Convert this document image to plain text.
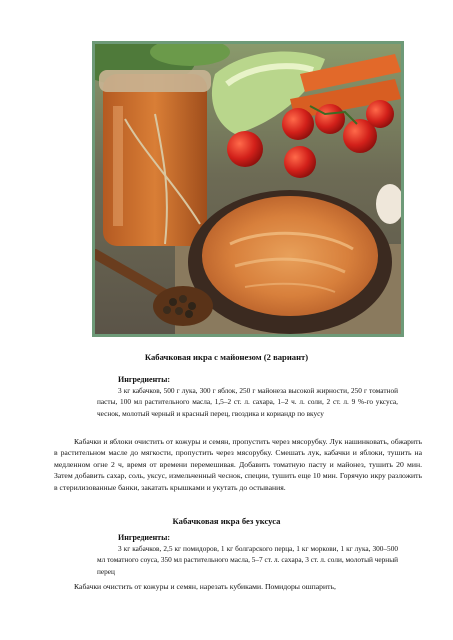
Кабачковая икра с майонезом (2 вариант)

Ингредиенты:

3 кг кабачков, 500 г лука, 300 г яблок, 250 г майонеза высокой жирности, 250 г томатной пасты, 100 мл растительного масла, 1,5–2 ст. л. сахара, 1–2 ч. л. соли, 2 ст. л. 9 %-го уксуса, чеснок, молотый черный и красный перец, гвоздика и кориандр по вкусу

Кабачки и яблоки очистить от кожуры и семян, пропустить через мясорубку. Лук нашинковать, обжарить в растительном масле до мягкости, пропустить через мясорубку. Смешать лук, кабачки и яблоки, тушить на медленном огне 2 ч, время от времени перемешивая. Добавить томатную пасту и майонез, тушить 20 мин. Затем добавить сахар, соль, уксус, измельченный чеснок, специи, тушить еще 10 мин. Горячую икру разложить в стерилизованные банки, закатать крышками и укутать до остывания.

Кабачковая икра без уксуса

Ингредиенты:

3 кг кабачков, 2,5 кг помидоров, 1 кг болгарского перца, 1 кг моркови, 1 кг лука, 300–500 мл томатного соуса, 350 мл растительного масла, 5–7 ст. л. сахара, 3 ст. л. соли, молотый черный перец

Кабачки очистить от кожуры и семян, нарезать кубиками. Помидоры ошпарить,
